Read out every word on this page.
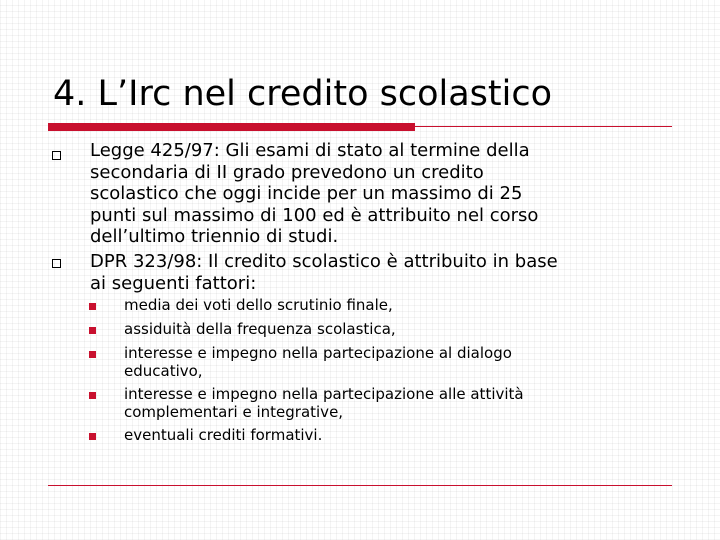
4. L’Irc nel credito scolastico
Legge 425/97: Gli esami di stato al termine della
secondaria di II grado prevedono un credito
scolastico che oggi incide per un massimo di 25
punti sul massimo di 100 ed è attribuito nel corso
dell’ultimo triennio di studi.
DPR 323/98: Il credito scolastico è attribuito in base
ai seguenti fattori:
media dei voti dello scrutinio finale,
assiduità della frequenza scolastica,
interesse e impegno nella partecipazione al dialogo
educativo,
interesse e impegno nella partecipazione alle attività
complementari e integrative,
eventuali crediti formativi.
